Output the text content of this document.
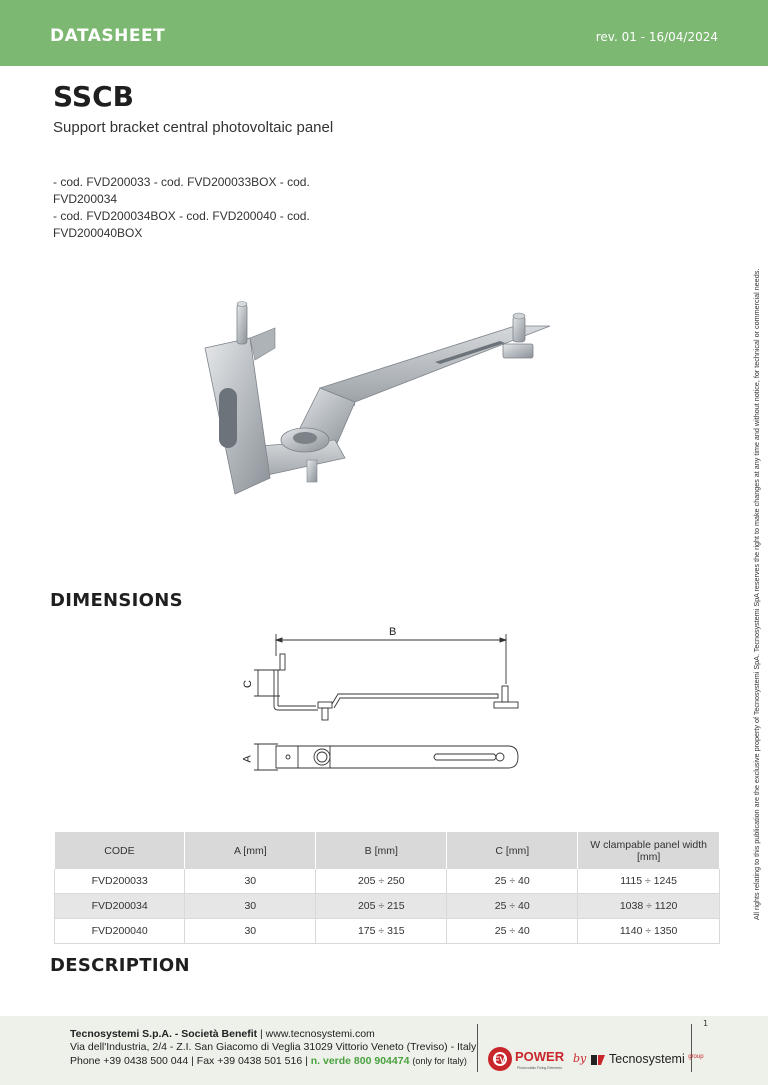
DATASHEET	rev. 01 - 16/04/2024
SSCB
Support bracket central photovoltaic panel
- cod. FVD200033 - cod. FVD200033BOX - cod. FVD200034
- cod. FVD200034BOX - cod. FVD200040 - cod. FVD200040BOX
DIMENSIONS
B
C
A	All rights relating to this publication are the exclusive property of Tecnosystemi SpA. Tecnosystemi SpA reserves the right to make changes at any time and without notice, for technical or commercial needs.
CODE	A [mm]	B [mm]	C [mm]	W clampable panel width [mm]
FVD200033	30	205 ÷ 250	25 ÷ 40	1115 ÷ 1245
FVD200034	30	205 ÷ 215	25 ÷ 40	1038 ÷ 1120
FVD200040	30	175 ÷ 315	25 ÷ 40	1140 ÷ 1350
DESCRIPTION
1
Tecnosystemi S.p.A. - Società Benefit | www.tecnosystemi.com
Via dell'Industria, 2/4 - Z.I. San Giacomo di Veglia 31029 Vittorio Veneto (Treviso) - Italy
Phone +39 0438 500 044 | Fax +39 0438 501 516 | n. verde 800 904474 (only for Italy)	FV POWER
Photovoltaic Fixing Elements
by	Tecnosystemi $^{group}$
